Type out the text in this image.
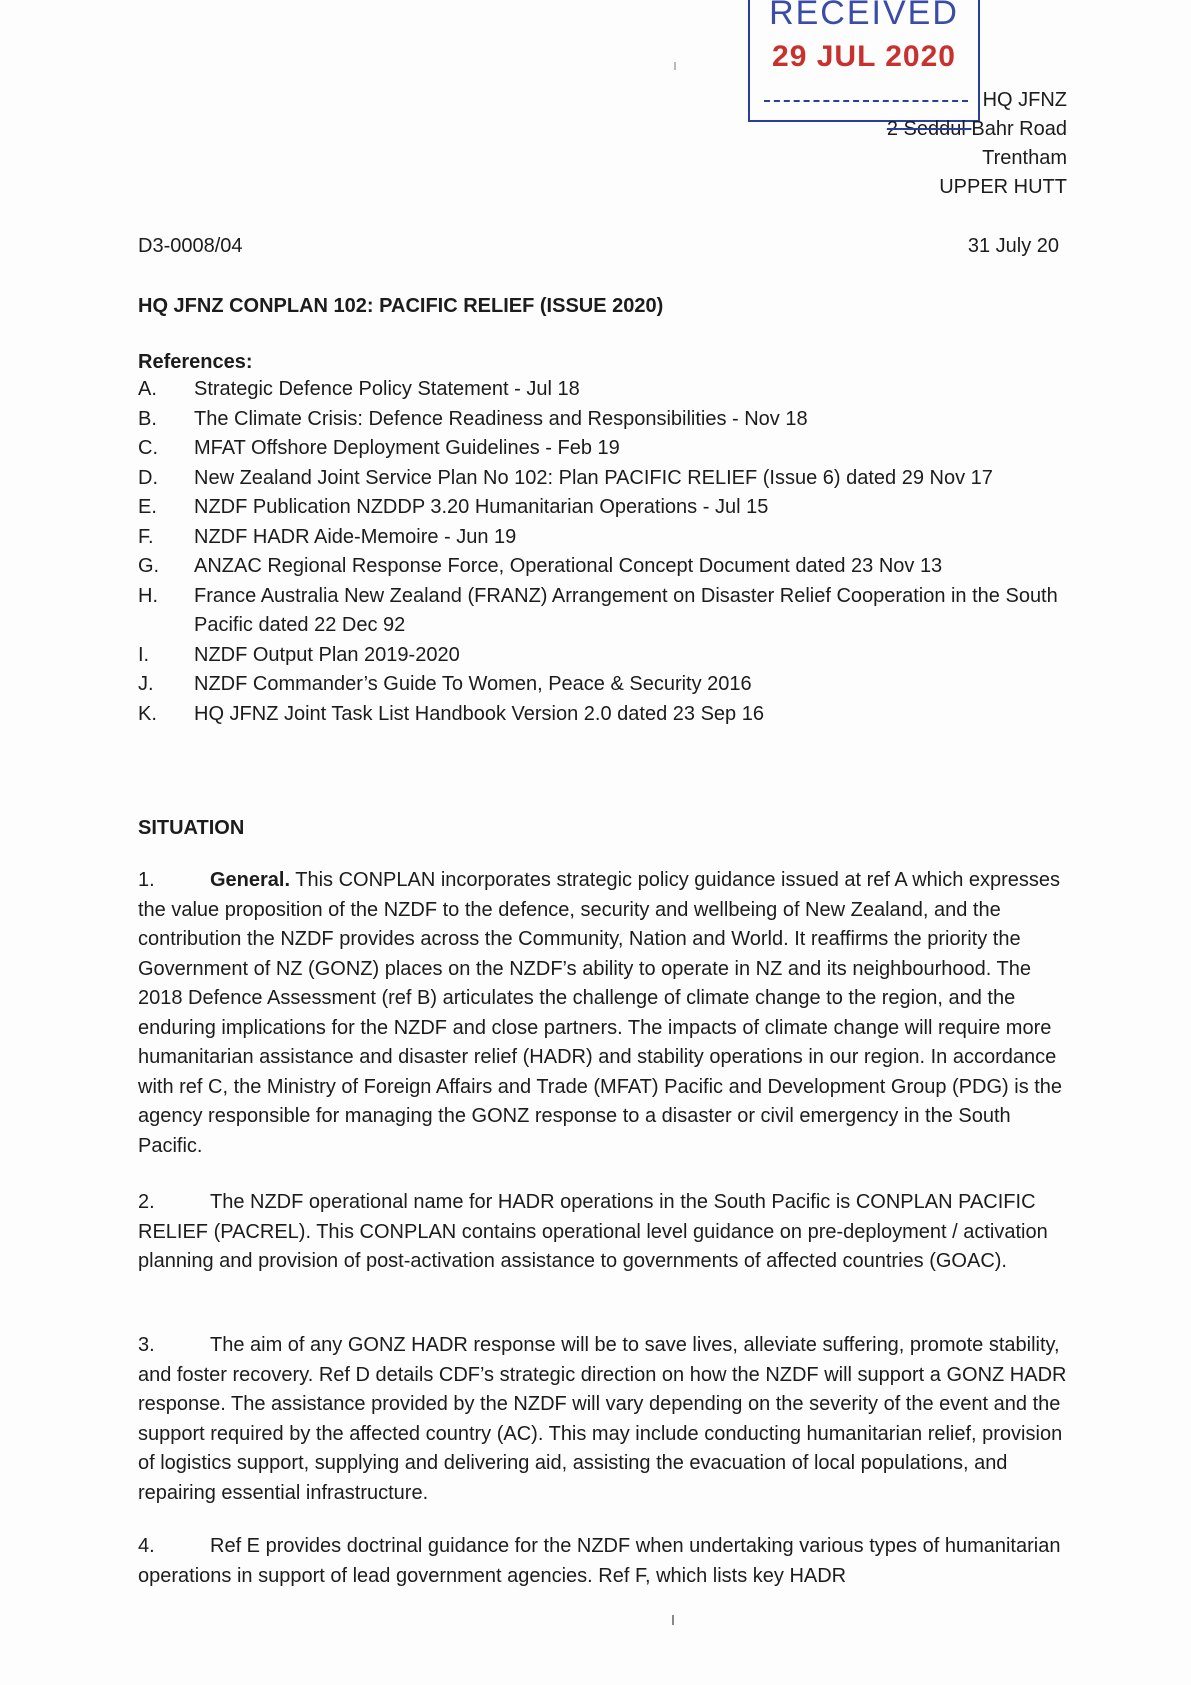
RECEIVED
29 JUL 2020
HQ JFNZ
2 Seddul Bahr Road
Trentham
UPPER HUTT
D3-0008/04	31 July 20
HQ JFNZ CONPLAN 102: PACIFIC RELIEF (ISSUE 2020)
References:
A.	Strategic Defence Policy Statement - Jul 18
B.	The Climate Crisis: Defence Readiness and Responsibilities - Nov 18
C.	MFAT Offshore Deployment Guidelines - Feb 19
D.	New Zealand Joint Service Plan No 102: Plan PACIFIC RELIEF (Issue 6) dated 29 Nov 17
E.	NZDF Publication NZDDP 3.20 Humanitarian Operations - Jul 15
F.	NZDF HADR Aide-Memoire - Jun 19
G.	ANZAC Regional Response Force, Operational Concept Document dated 23 Nov 13
H.	France Australia New Zealand (FRANZ) Arrangement on Disaster Relief Cooperation in the South Pacific dated 22 Dec 92
I.	NZDF Output Plan 2019-2020
J.	NZDF Commander’s Guide To Women, Peace & Security 2016
K.	HQ JFNZ Joint Task List Handbook Version 2.0 dated 23 Sep 16
SITUATION

1.	General. This CONPLAN incorporates strategic policy guidance issued at ref A which expresses the value proposition of the NZDF to the defence, security and wellbeing of New Zealand, and the contribution the NZDF provides across the Community, Nation and World. It reaffirms the priority the Government of NZ (GONZ) places on the NZDF’s ability to operate in NZ and its neighbourhood. The 2018 Defence Assessment (ref B) articulates the challenge of climate change to the region, and the enduring implications for the NZDF and close partners. The impacts of climate change will require more humanitarian assistance and disaster relief (HADR) and stability operations in our region. In accordance with ref C, the Ministry of Foreign Affairs and Trade (MFAT) Pacific and Development Group (PDG) is the agency responsible for managing the GONZ response to a disaster or civil emergency in the South Pacific.

2.	The NZDF operational name for HADR operations in the South Pacific is CONPLAN PACIFIC RELIEF (PACREL). This CONPLAN contains operational level guidance on pre-deployment / activation planning and provision of post-activation assistance to governments of affected countries (GOAC).

3.	The aim of any GONZ HADR response will be to save lives, alleviate suffering, promote stability, and foster recovery. Ref D details CDF’s strategic direction on how the NZDF will support a GONZ HADR response. The assistance provided by the NZDF will vary depending on the severity of the event and the support required by the affected country (AC). This may include conducting humanitarian relief, provision of logistics support, supplying and delivering aid, assisting the evacuation of local populations, and repairing essential infrastructure.

4.	Ref E provides doctrinal guidance for the NZDF when undertaking various types of humanitarian operations in support of lead government agencies. Ref F, which lists key HADR
